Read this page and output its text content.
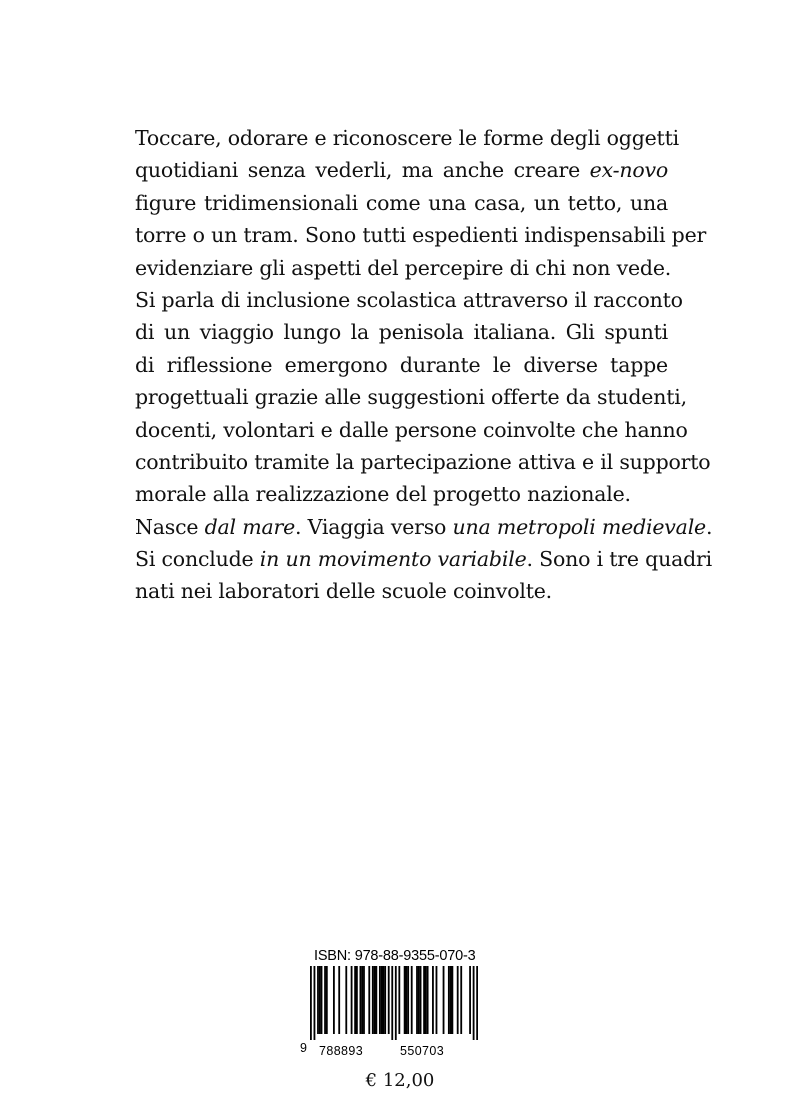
Toccare, odorare e riconoscere le forme degli oggetti
quotidiani senza vederli, ma anche creare ex-novo
figure tridimensionali come una casa, un tetto, una
torre o un tram. Sono tutti espedienti indispensabili per
evidenziare gli aspetti del percepire di chi non vede.
Si parla di inclusione scolastica attraverso il racconto
di un viaggio lungo la penisola italiana. Gli spunti
di riflessione emergono durante le diverse tappe
progettuali grazie alle suggestioni offerte da studenti,
docenti, volontari e dalle persone coinvolte che hanno
contribuito tramite la partecipazione attiva e il supporto
morale alla realizzazione del progetto nazionale.
Nasce dal mare. Viaggia verso una metropoli medievale.
Si conclude in un movimento variabile. Sono i tre quadri
nati nei laboratori delle scuole coinvolte.
ISBN: 978-88-9355-070-3
9 788893	550703
€ 12,00
